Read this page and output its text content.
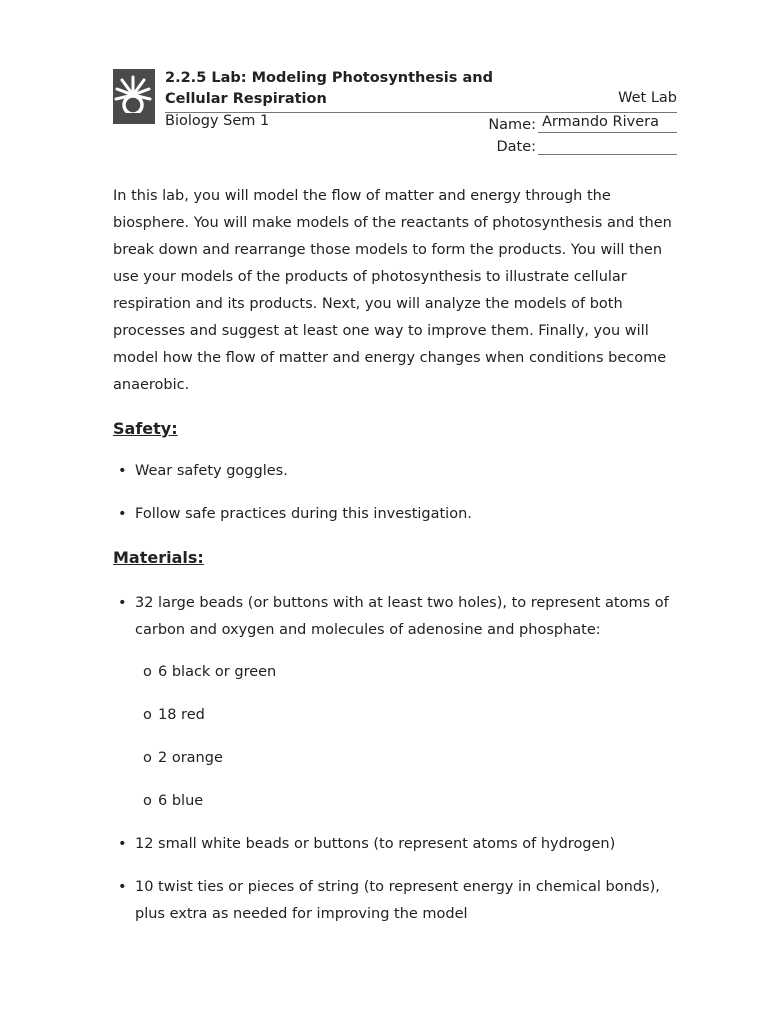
2.2.5 Lab: Modeling Photosynthesis and
Cellular Respiration	Wet Lab
Biology Sem 1	Name: Armando Rivera
Date:

In this lab, you will model the flow of matter and energy through the biosphere. You will make models of the reactants of photosynthesis and then break down and rearrange those models to form the products. You will then use your models of the products of photosynthesis to illustrate cellular respiration and its products. Next, you will analyze the models of both processes and suggest at least one way to improve them. Finally, you will model how the flow of matter and energy changes when conditions become anaerobic.

Safety:
• Wear safety goggles.
• Follow safe practices during this investigation.
Materials:
• 32 large beads (or buttons with at least two holes), to represent atoms of carbon and oxygen and molecules of adenosine and phosphate:
o 6 black or green
o 18 red
o 2 orange
o 6 blue
• 12 small white beads or buttons (to represent atoms of hydrogen)
• 10 twist ties or pieces of string (to represent energy in chemical bonds), plus extra as needed for improving the model
